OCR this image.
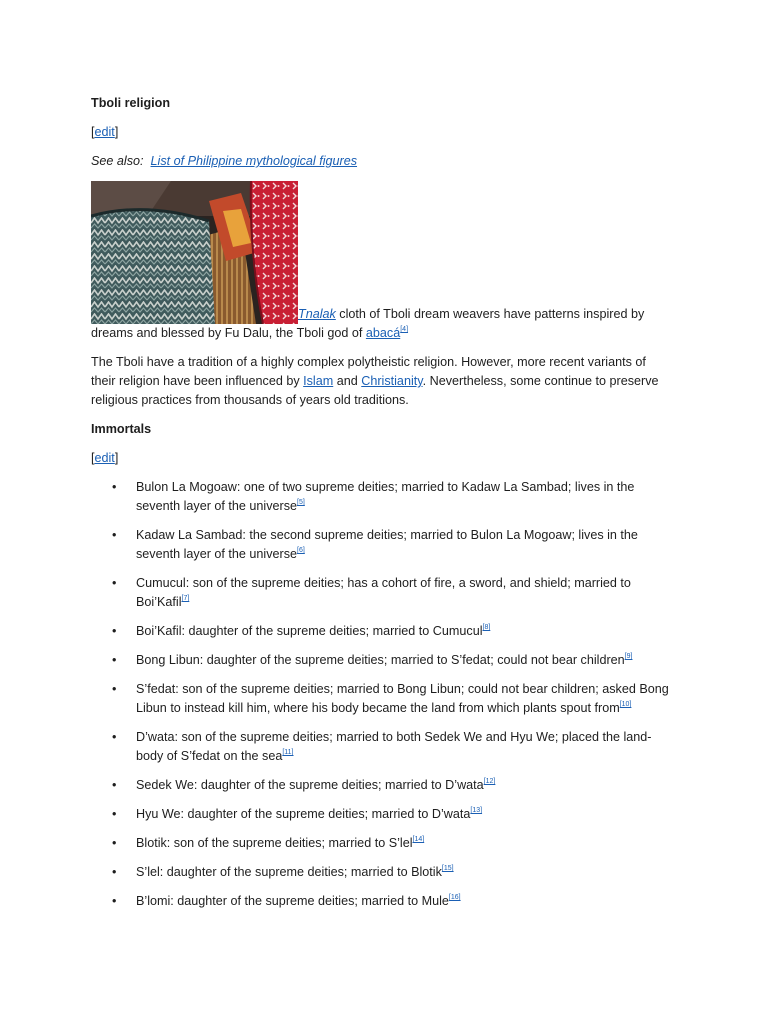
Tboli religion
[edit]
See also: List of Philippine mythological figures
Tnalak cloth of Tboli dream weavers have patterns inspired by dreams and blessed by Fu Dalu, the Tboli god of abacá[4]

The Tboli have a tradition of a highly complex polytheistic religion. However, more recent variants of their religion have been influenced by Islam and Christianity. Nevertheless, some continue to preserve religious practices from thousands of years old traditions.

Immortals
[edit]
• Bulon La Mogoaw: one of two supreme deities; married to Kadaw La Sambad; lives in the seventh layer of the universe[5]
• Kadaw La Sambad: the second supreme deities; married to Bulon La Mogoaw; lives in the seventh layer of the universe[6]
• Cumucul: son of the supreme deities; has a cohort of fire, a sword, and shield; married to Boi’Kafil[7]
• Boi’Kafil: daughter of the supreme deities; married to Cumucul[8]
• Bong Libun: daughter of the supreme deities; married to S’fedat; could not bear children[9]
• S’fedat: son of the supreme deities; married to Bong Libun; could not bear children; asked Bong Libun to instead kill him, where his body became the land from which plants spout from[10]
• D’wata: son of the supreme deities; married to both Sedek We and Hyu We; placed the land-body of S’fedat on the sea[11]
• Sedek We: daughter of the supreme deities; married to D’wata[12]
• Hyu We: daughter of the supreme deities; married to D’wata[13]
• Blotik: son of the supreme deities; married to S’lel[14]
• S’lel: daughter of the supreme deities; married to Blotik[15]
• B’lomi: daughter of the supreme deities; married to Mule[16]
